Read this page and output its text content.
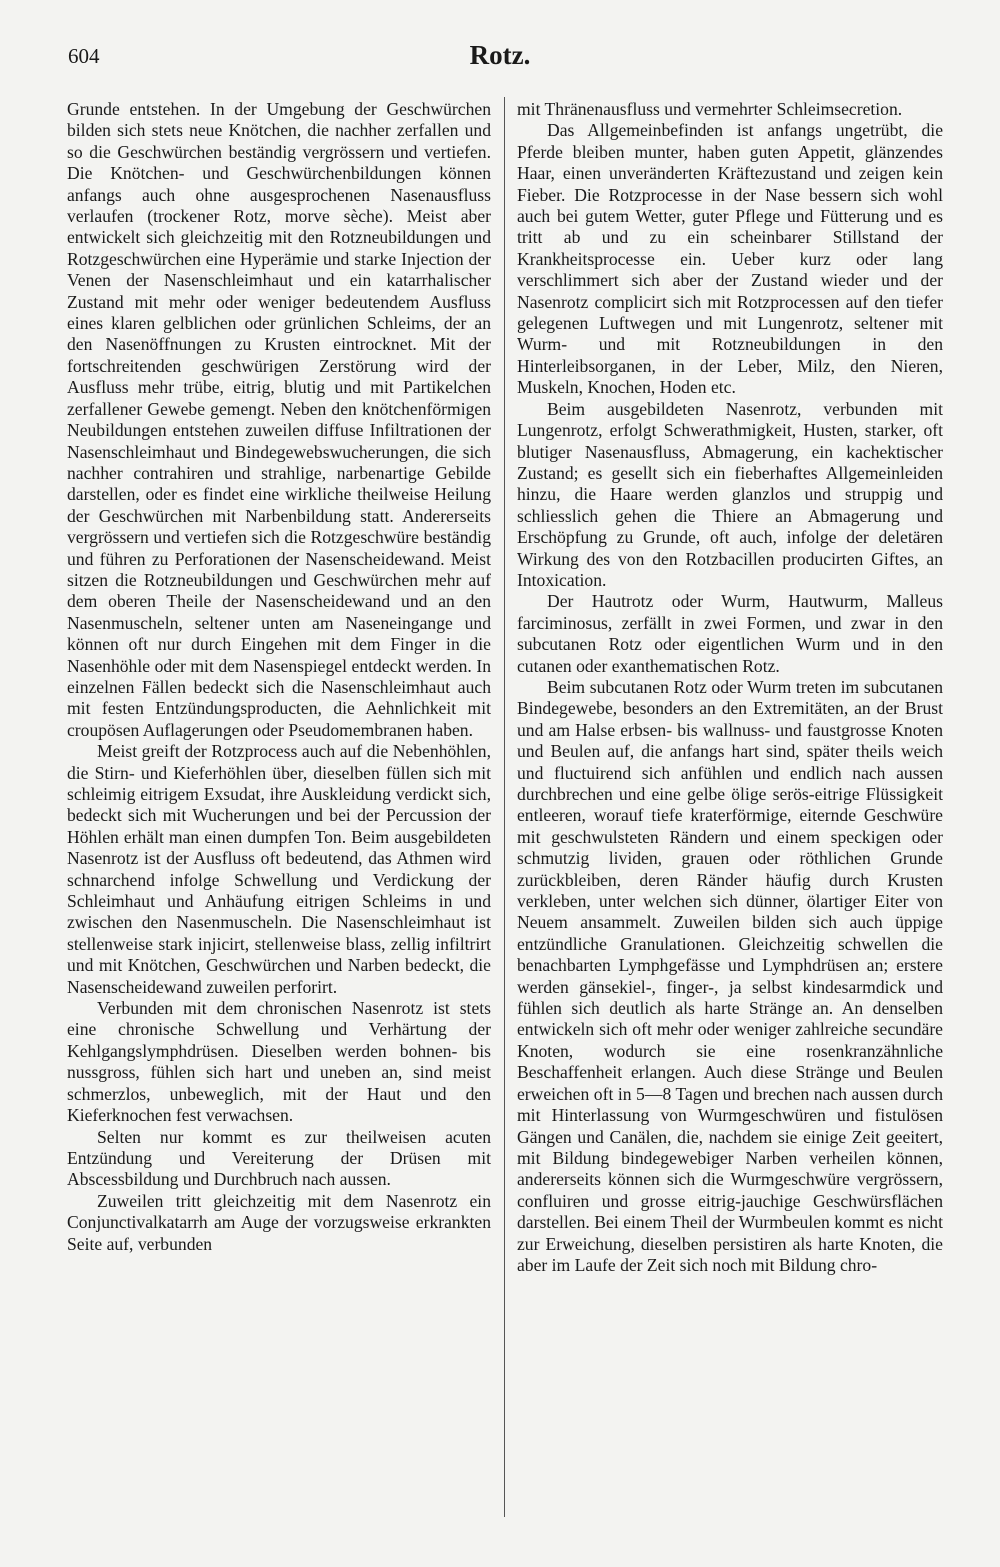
604	Rotz.

Grunde entstehen. In der Umgebung der Geschwürchen bilden sich stets neue Knötchen, die nachher zerfallen und so die Geschwürchen beständig vergrössern und vertiefen. Die Knötchen- und Geschwürchenbildungen können anfangs auch ohne ausgesprochenen Nasenausfluss verlaufen (trockener Rotz, morve sèche). Meist aber entwickelt sich gleichzeitig mit den Rotzneubildungen und Rotzgeschwürchen eine Hyperämie und starke Injection der Venen der Nasenschleimhaut und ein katarrhalischer Zustand mit mehr oder weniger bedeutendem Ausfluss eines klaren gelblichen oder grünlichen Schleims, der an den Nasenöffnungen zu Krusten eintrocknet. Mit der fortschreitenden geschwürigen Zerstörung wird der Ausfluss mehr trübe, eitrig, blutig und mit Partikelchen zerfallener Gewebe gemengt. Neben den knötchenförmigen Neubildungen entstehen zuweilen diffuse Infiltrationen der Nasenschleimhaut und Bindegewebswucherungen, die sich nachher contrahiren und strahlige, narbenartige Gebilde darstellen, oder es findet eine wirkliche theilweise Heilung der Geschwürchen mit Narbenbildung statt. Andererseits vergrössern und vertiefen sich die Rotzgeschwüre beständig und führen zu Perforationen der Nasenscheidewand. Meist sitzen die Rotzneubildungen und Geschwürchen mehr auf dem oberen Theile der Nasenscheidewand und an den Nasenmuscheln, seltener unten am Naseneingange und können oft nur durch Eingehen mit dem Finger in die Nasenhöhle oder mit dem Nasenspiegel entdeckt werden. In einzelnen Fällen bedeckt sich die Nasenschleimhaut auch mit festen Entzündungsproducten, die Aehnlichkeit mit croupösen Auflagerungen oder Pseudomembranen haben.

Meist greift der Rotzprocess auch auf die Nebenhöhlen, die Stirn- und Kieferhöhlen über, dieselben füllen sich mit schleimig eitrigem Exsudat, ihre Auskleidung verdickt sich, bedeckt sich mit Wucherungen und bei der Percussion der Höhlen erhält man einen dumpfen Ton. Beim ausgebildeten Nasenrotz ist der Ausfluss oft bedeutend, das Athmen wird schnarchend infolge Schwellung und Verdickung der Schleimhaut und Anhäufung eitrigen Schleims in und zwischen den Nasenmuscheln. Die Nasenschleimhaut ist stellenweise stark injicirt, stellenweise blass, zellig infiltrirt und mit Knötchen, Geschwürchen und Narben bedeckt, die Nasenscheidewand zuweilen perforirt.

Verbunden mit dem chronischen Nasenrotz ist stets eine chronische Schwellung und Verhärtung der Kehlgangslymphdrüsen. Dieselben werden bohnen- bis nussgross, fühlen sich hart und uneben an, sind meist schmerzlos, unbeweglich, mit der Haut und den Kieferknochen fest verwachsen.

Selten nur kommt es zur theilweisen acuten Entzündung und Vereiterung der Drüsen mit Abscessbildung und Durchbruch nach aussen.

Zuweilen tritt gleichzeitig mit dem Nasenrotz ein Conjunctivalkatarrh am Auge der vorzugsweise erkrankten Seite auf, verbunden

mit Thränenausfluss und vermehrter Schleimsecretion.

Das Allgemeinbefinden ist anfangs ungetrübt, die Pferde bleiben munter, haben guten Appetit, glänzendes Haar, einen unveränderten Kräftezustand und zeigen kein Fieber. Die Rotzprocesse in der Nase bessern sich wohl auch bei gutem Wetter, guter Pflege und Fütterung und es tritt ab und zu ein scheinbarer Stillstand der Krankheitsprocesse ein. Ueber kurz oder lang verschlimmert sich aber der Zustand wieder und der Nasenrotz complicirt sich mit Rotzprocessen auf den tiefer gelegenen Luftwegen und mit Lungenrotz, seltener mit Wurm- und mit Rotzneubildungen in den Hinterleibsorganen, in der Leber, Milz, den Nieren, Muskeln, Knochen, Hoden etc.

Beim ausgebildeten Nasenrotz, verbunden mit Lungenrotz, erfolgt Schwerathmigkeit, Husten, starker, oft blutiger Nasenausfluss, Abmagerung, ein kachektischer Zustand; es gesellt sich ein fieberhaftes Allgemeinleiden hinzu, die Haare werden glanzlos und struppig und schliesslich gehen die Thiere an Abmagerung und Erschöpfung zu Grunde, oft auch, infolge der deletären Wirkung des von den Rotzbacillen producirten Giftes, an Intoxication.

Der Hautrotz oder Wurm, Hautwurm, Malleus farciminosus, zerfällt in zwei Formen, und zwar in den subcutanen Rotz oder eigentlichen Wurm und in den cutanen oder exanthematischen Rotz.

Beim subcutanen Rotz oder Wurm treten im subcutanen Bindegewebe, besonders an den Extremitäten, an der Brust und am Halse erbsen- bis wallnuss- und faustgrosse Knoten und Beulen auf, die anfangs hart sind, später theils weich und fluctuirend sich anfühlen und endlich nach aussen durchbrechen und eine gelbe ölige serös-eitrige Flüssigkeit entleeren, worauf tiefe kraterförmige, eiternde Geschwüre mit geschwulsteten Rändern und einem speckigen oder schmutzig lividen, grauen oder röthlichen Grunde zurückbleiben, deren Ränder häufig durch Krusten verkleben, unter welchen sich dünner, ölartiger Eiter von Neuem ansammelt. Zuweilen bilden sich auch üppige entzündliche Granulationen. Gleichzeitig schwellen die benachbarten Lymphgefässe und Lymphdrüsen an; erstere werden gänsekiel-, finger-, ja selbst kindesarmdick und fühlen sich deutlich als harte Stränge an. An denselben entwickeln sich oft mehr oder weniger zahlreiche secundäre Knoten, wodurch sie eine rosenkranzähnliche Beschaffenheit erlangen. Auch diese Stränge und Beulen erweichen oft in 5—8 Tagen und brechen nach aussen durch mit Hinterlassung von Wurmgeschwüren und fistulösen Gängen und Canälen, die, nachdem sie einige Zeit geeitert, mit Bildung bindegewebiger Narben verheilen können, andererseits können sich die Wurmgeschwüre vergrössern, confluiren und grosse eitrig-jauchige Geschwürsflächen darstellen. Bei einem Theil der Wurmbeulen kommt es nicht zur Erweichung, dieselben persistiren als harte Knoten, die aber im Laufe der Zeit sich noch mit Bildung chro-
